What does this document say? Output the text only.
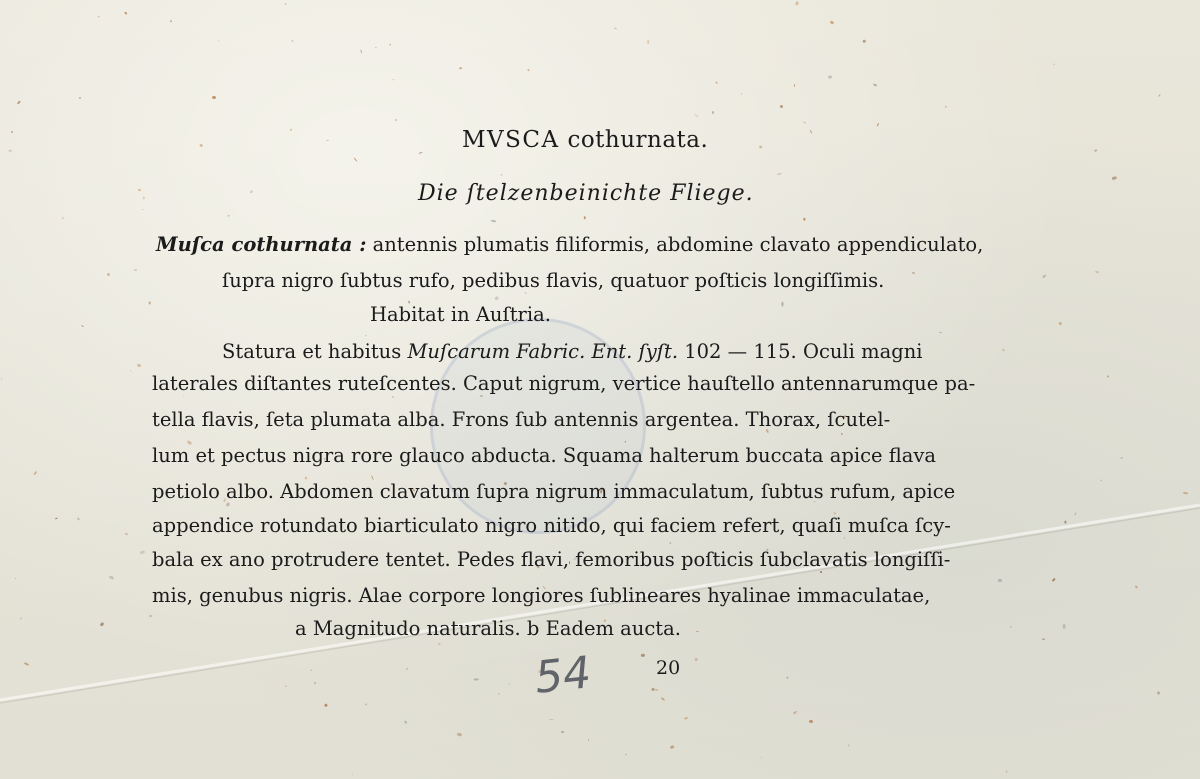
MVSCA cothurnata.
Die ſtelzenbeinichte Fliege.
Muſca cothurnata : antennis plumatis filiformis, abdomine clavato appendiculato,
ſupra nigro ſubtus rufo, pedibus flavis, quatuor poſticis longiſſimis.
Habitat in Auſtria.
Statura et habitus Muſcarum Fabric. Ent. ſyſt. 102 — 115. Oculi magni
laterales diſtantes ruteſcentes. Caput nigrum, vertice hauſtello antennarumque pa-
tella flavis, ſeta plumata alba. Frons ſub antennis argentea. Thorax, ſcutel-
lum et pectus nigra rore glauco abducta. Squama halterum buccata apice flava
petiolo albo. Abdomen clavatum ſupra nigrum immaculatum, ſubtus rufum, apice
appendice rotundato biarticulato nigro nitido, qui faciem refert, quaſi muſca ſcy-
bala ex ano protrudere tentet. Pedes flavi, femoribus poſticis ſubclavatis longiſſi-
mis, genubus nigris. Alae corpore longiores ſublineares hyalinae immaculatae,
a Magnitudo naturalis. b Eadem aucta.
20
54
